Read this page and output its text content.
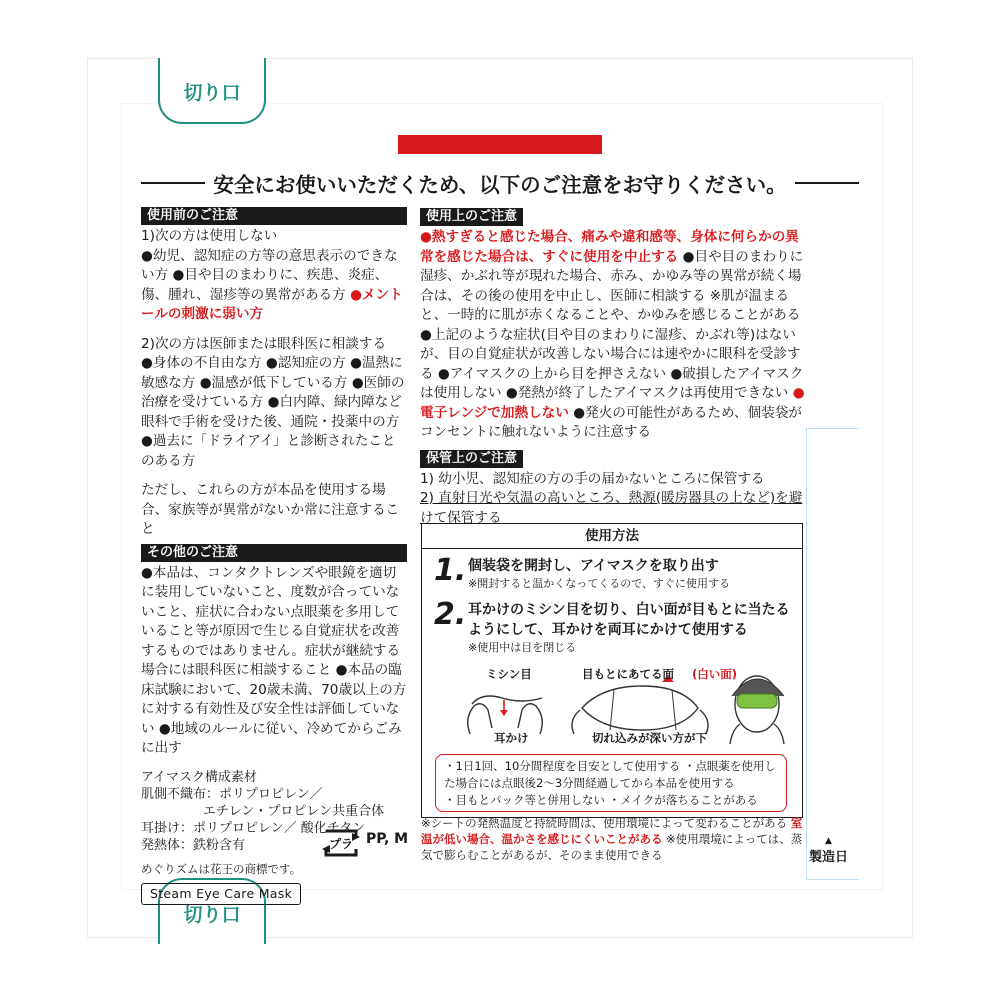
切り口
切り口
安全にお使いいただくため、以下のご注意をお守りください。
使用前のご注意

1)次の方は使用しない

●幼児、認知症の方等の意思表示のできない方 ●目や目のまわりに、疾患、炎症、傷、腫れ、湿疹等の異常がある方 ●メントールの刺激に弱い方

2)次の方は医師または眼科医に相談する

●身体の不自由な方 ●認知症の方 ●温熱に敏感な方 ●温感が低下している方 ●医師の治療を受けている方 ●白内障、緑内障など眼科で手術を受けた後、通院・投薬中の方 ●過去に「ドライアイ」と診断されたことのある方

ただし、これらの方が本品を使用する場合、家族等が異常がないか常に注意すること

その他のご注意

●本品は、コンタクトレンズや眼鏡を適切に装用していないこと、度数が合っていないこと、症状に合わない点眼薬を多用していること等が原因で生じる自覚症状を改善するものではありません。症状が継続する場合には眼科医に相談すること ●本品の臨床試験において、20歳未満、70歳以上の方に対する有効性及び安全性は評価していない ●地域のルールに従い、冷めてからごみに出す

アイマスク構成素材

肌側不織布：ポリプロピレン／

エチレン・プロピレン共重合体

耳掛け：ポリプロピレン／ 酸化チタン

発熱体：鉄粉含有

めぐりズムは花王の商標です。

Steam Eye Care Mask
プラ PP, M
使用上のご注意

●熱すぎると感じた場合、痛みや違和感等、身体に何らかの異常を感じた場合は、すぐに使用を中止する ●目や目のまわりに湿疹、かぶれ等が現れた場合、赤み、かゆみ等の異常が続く場合は、その後の使用を中止し、医師に相談する ※肌が温まると、一時的に肌が赤くなることや、かゆみを感じることがある ●上記のような症状(目や目のまわりに湿疹、かぶれ等)はないが、目の自覚症状が改善しない場合には速やかに眼科を受診する ●アイマスクの上から目を押さえない ●破損したアイマスクは使用しない ●発熱が終了したアイマスクは再使用できない ●電子レンジで加熱しない ●発火の可能性があるため、個装袋がコンセントに触れないように注意する

保管上のご注意

1) 幼小児、認知症の方の手の届かないところに保管する

2) 直射日光や気温の高いところ、熱源(暖房器具の上など)を避けて保管する

使用方法
1. 個装袋を開封し、アイマスクを取り出す
※開封すると温かくなってくるので、すぐに使用する
2. 耳かけのミシン目を切り、白い面が目もとに当たるようにして、耳かけを両耳にかけて使用する
※使用中は目を閉じる
ミシン目	目もとにあてる面 (白い面)
耳かけ	切れ込みが深い方が下
・1日1回、10分間程度を目安として使用する ・点眼薬を使用した場合には点眼後2～3分間経過してから本品を使用する
・目もとパック等と併用しない ・メイクが落ちることがある
※シートの発熱温度と持続時間は、使用環境によって変わることがある 室温が低い場合、温かさを感じにくいことがある ※使用環境によっては、蒸気で膨らむことがあるが、そのまま使用できる
▲
製造日
